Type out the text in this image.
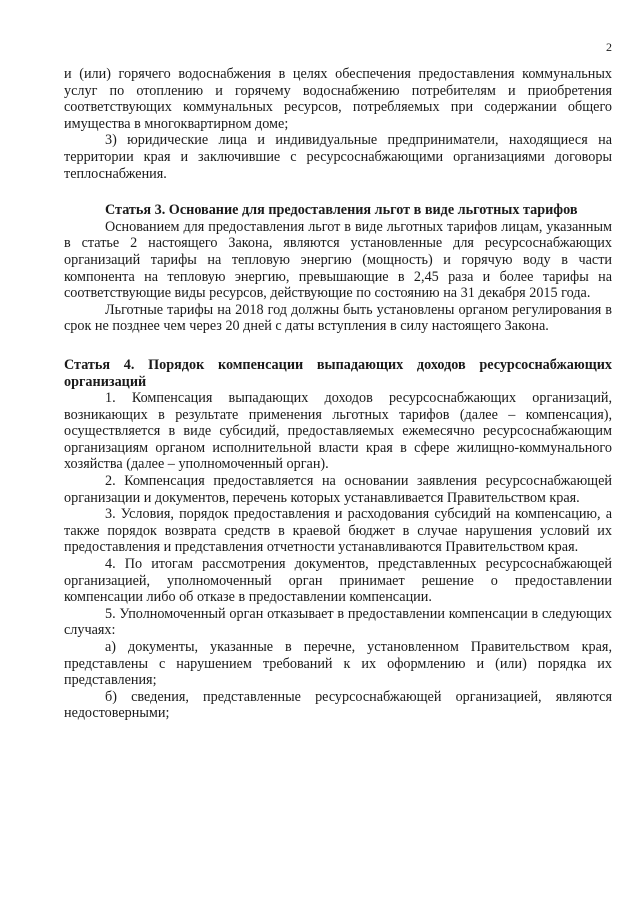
2

и (или) горячего водоснабжения в целях обеспечения предоставления коммунальных услуг по отоплению и горячему водоснабжению потребителям и приобретения соответствующих коммунальных ресурсов, потребляемых при содержании общего имущества в многоквартирном доме;

3) юридические лица и индивидуальные предприниматели, находящиеся на территории края и заключившие с ресурсоснабжающими организациями договоры теплоснабжения.

Статья 3. Основание для предоставления льгот в виде льготных тарифов

Основанием для предоставления льгот в виде льготных тарифов лицам, указанным в статье 2 настоящего Закона, являются установленные для ресурсоснабжающих организаций тарифы на тепловую энергию (мощность) и горячую воду в части компонента на тепловую энергию, превышающие в 2,45 раза и более тарифы на соответствующие виды ресурсов, действующие по состоянию на 31 декабря 2015 года.

Льготные тарифы на 2018 год должны быть установлены органом регулирования в срок не позднее чем через 20 дней с даты вступления в силу настоящего Закона.

Статья 4. Порядок компенсации выпадающих доходов ресурсоснабжающих организаций

1. Компенсация выпадающих доходов ресурсоснабжающих организаций, возникающих в результате применения льготных тарифов (далее – компенсация), осуществляется в виде субсидий, предоставляемых ежемесячно ресурсоснабжающим организациям органом исполнительной власти края в сфере жилищно-коммунального хозяйства (далее – уполномоченный орган).

2. Компенсация предоставляется на основании заявления ресурсоснабжающей организации и документов, перечень которых устанавливается Правительством края.

3. Условия, порядок предоставления и расходования субсидий на компенсацию, а также порядок возврата средств в краевой бюджет в случае нарушения условий их предоставления и представления отчетности устанавливаются Правительством края.

4. По итогам рассмотрения документов, представленных ресурсоснабжающей организацией, уполномоченный орган принимает решение о предоставлении компенсации либо об отказе в предоставлении компенсации.

5. Уполномоченный орган отказывает в предоставлении компенсации в следующих случаях:

а) документы, указанные в перечне, установленном Правительством края, представлены с нарушением требований к их оформлению и (или) порядка их представления;

б) сведения, представленные ресурсоснабжающей организацией, являются недостоверными;
